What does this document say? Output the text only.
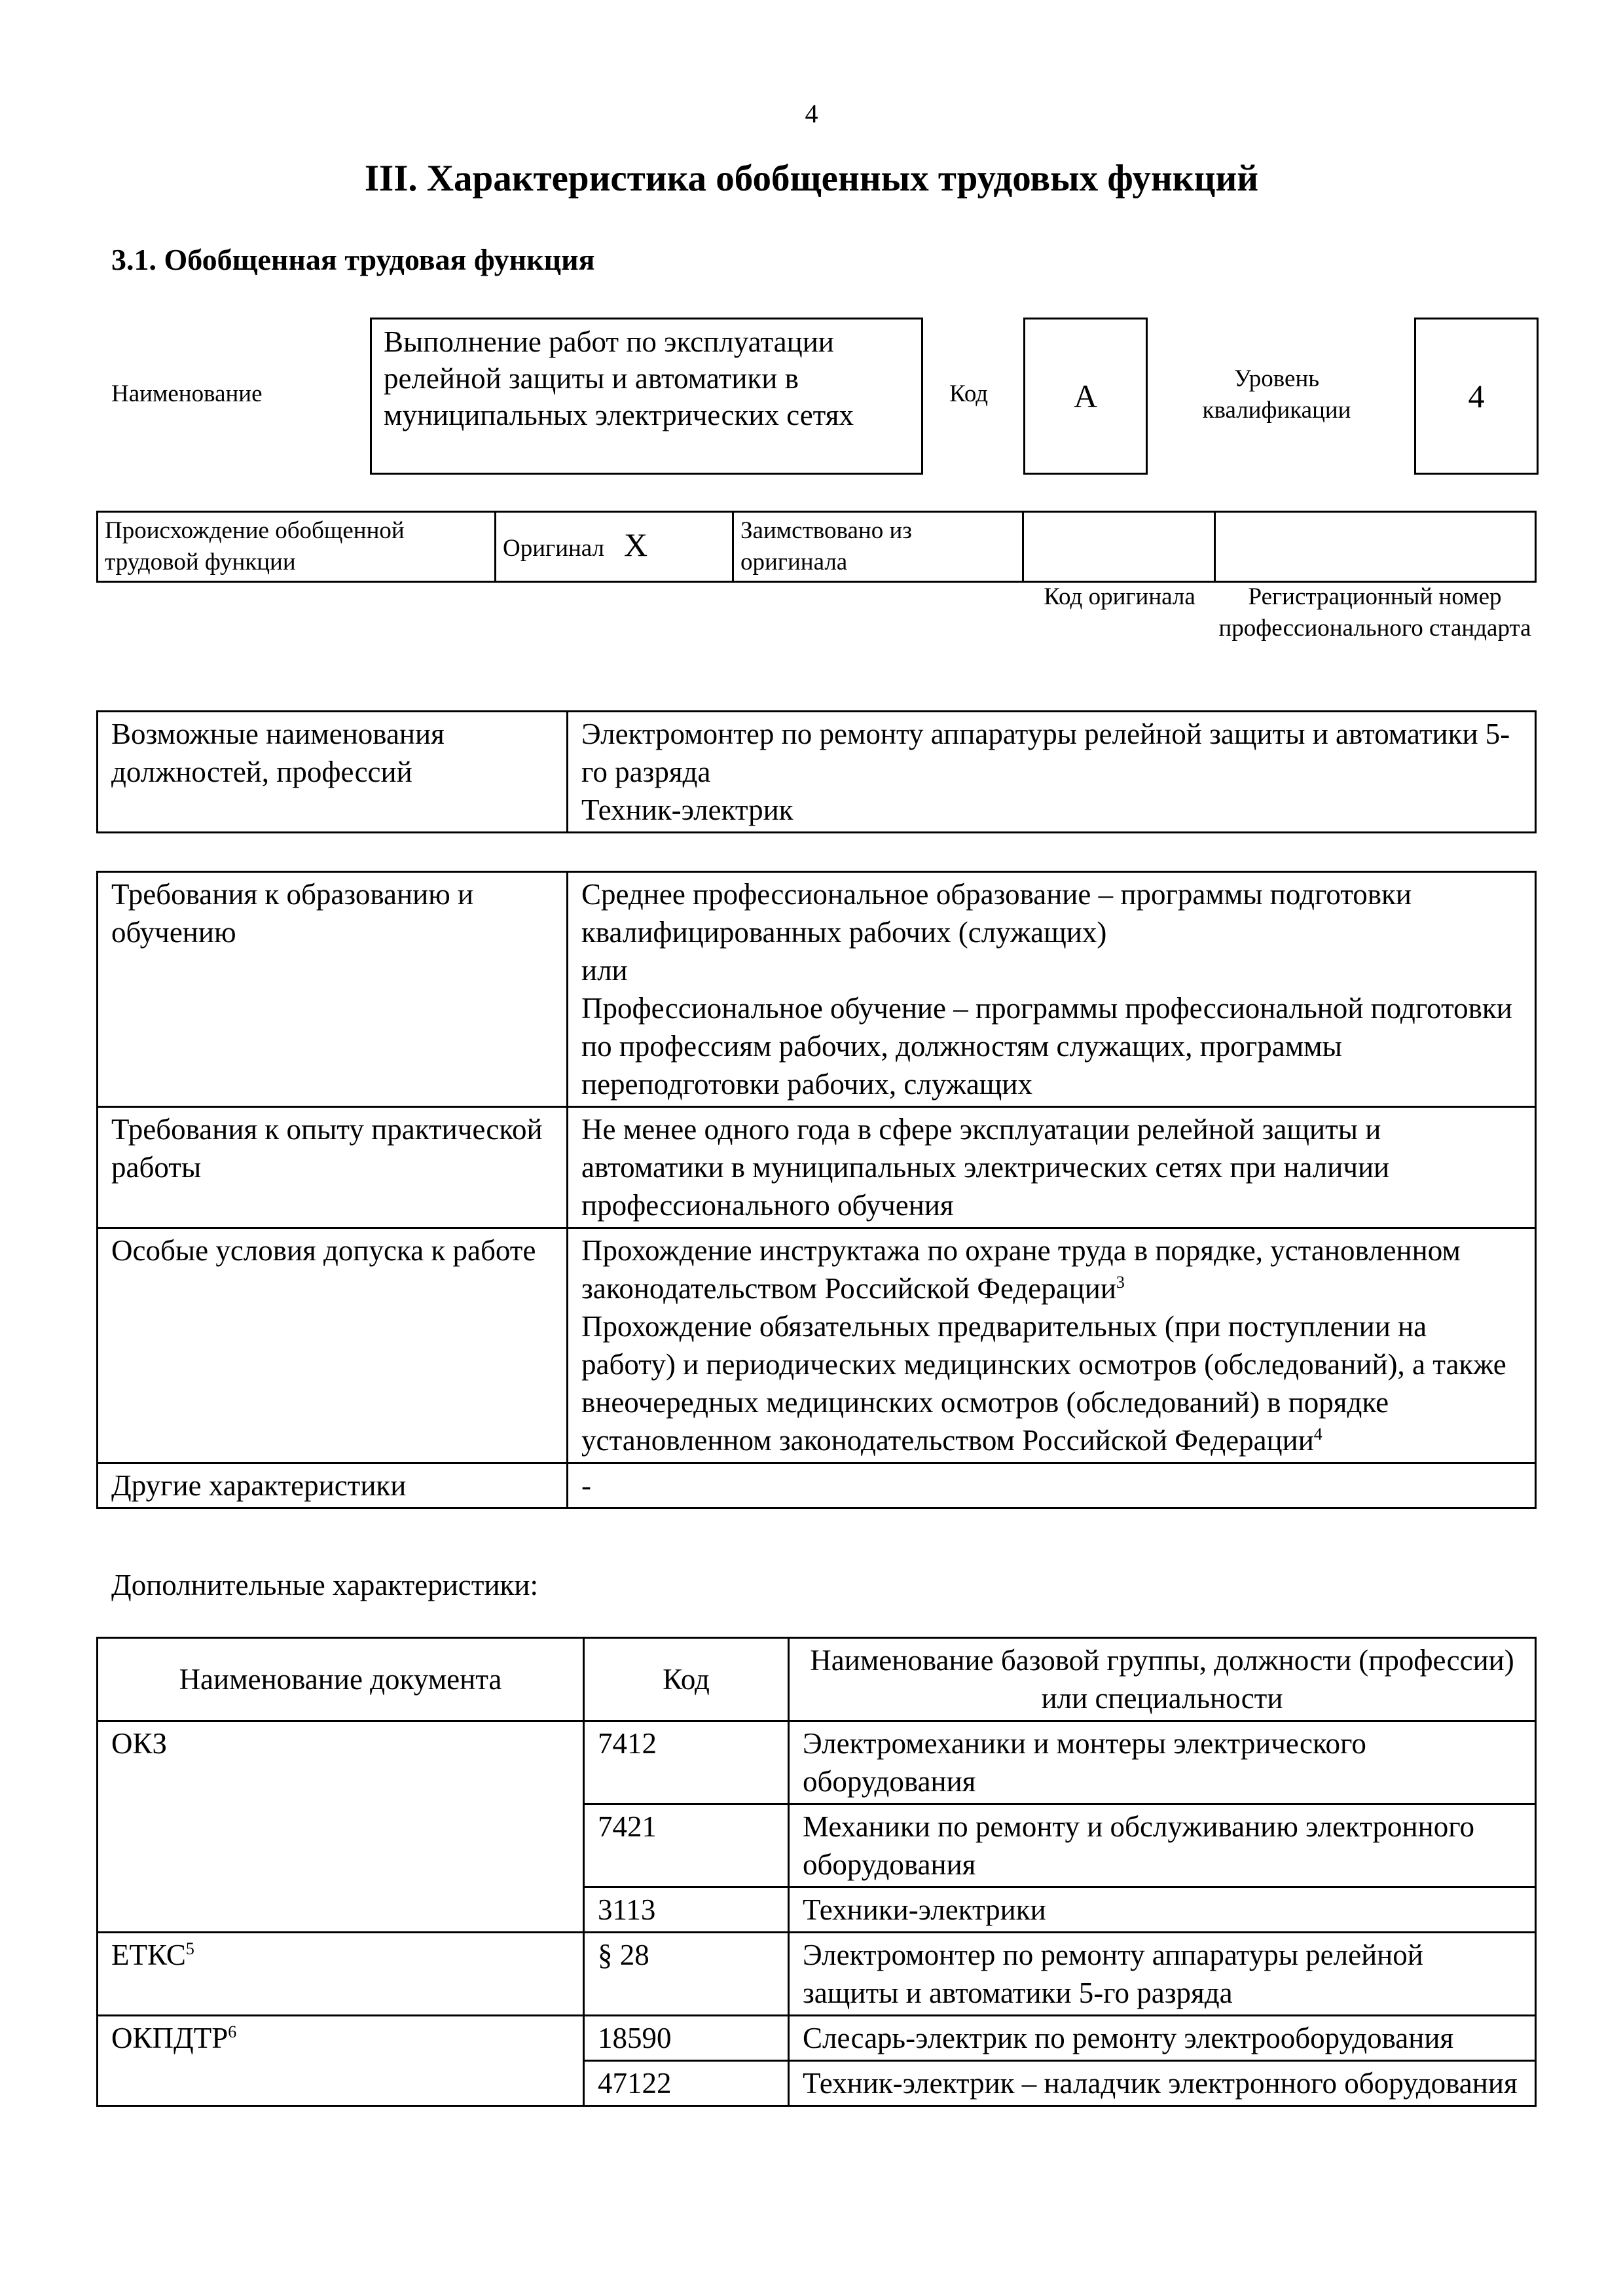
4
III. Характеристика обобщенных трудовых функций
3.1. Обобщенная трудовая функция
Наименование
Выполнение работ по эксплуатации релейной защиты и автоматики в муниципальных электрических сетях
Код	А	Уровень квалификации	4
Происхождение обобщенной трудовой функции	Оригинал X	Заимствовано из оригинала		
Код оригинала	Регистрационный номер профессионального стандарта
Возможные наименования должностей, профессий	
Электромонтер по ремонту аппаратуры релейной защиты и автоматики 5-го разряда
Техник-электрик
Требования к образованию и обучению	Среднее профессиональное образование – программы подготовки квалифицированных рабочих (служащих)
или
Профессиональное обучение – программы профессиональной подготовки по профессиям рабочих, должностям служащих, программы переподготовки рабочих, служащих

Требования к опыту практической работы	Не менее одного года в сфере эксплуатации релейной защиты и автоматики в муниципальных электрических сетях при наличии профессионального обучения
Особые условия допуска к работе	Прохождение инструктажа по охране труда в порядке, установленном законодательством Российской Федерации$^3$
Прохождение обязательных предварительных (при поступлении на работу) и периодических медицинских осмотров (обследований), а также внеочередных медицинских осмотров (обследований) в порядке установленном законодательством Российской Федерации$^4$

Другие характеристики	-
Дополнительные характеристики:
Наименование документа	Код	Наименование базовой группы, должности (профессии) или специальности
ОКЗ	7412	Электромеханики и монтеры электрического оборудования
	7421	Механики по ремонту и обслуживанию электронного оборудования
	3113	Техники-электрики
ЕТКС$^5$	§ 28	Электромонтер по ремонту аппаратуры релейной защиты и автоматики 5-го разряда
ОКПДТР$^6$	18590	Слесарь-электрик по ремонту электрооборудования
	47122	Техник-электрик – наладчик электронного оборудования
